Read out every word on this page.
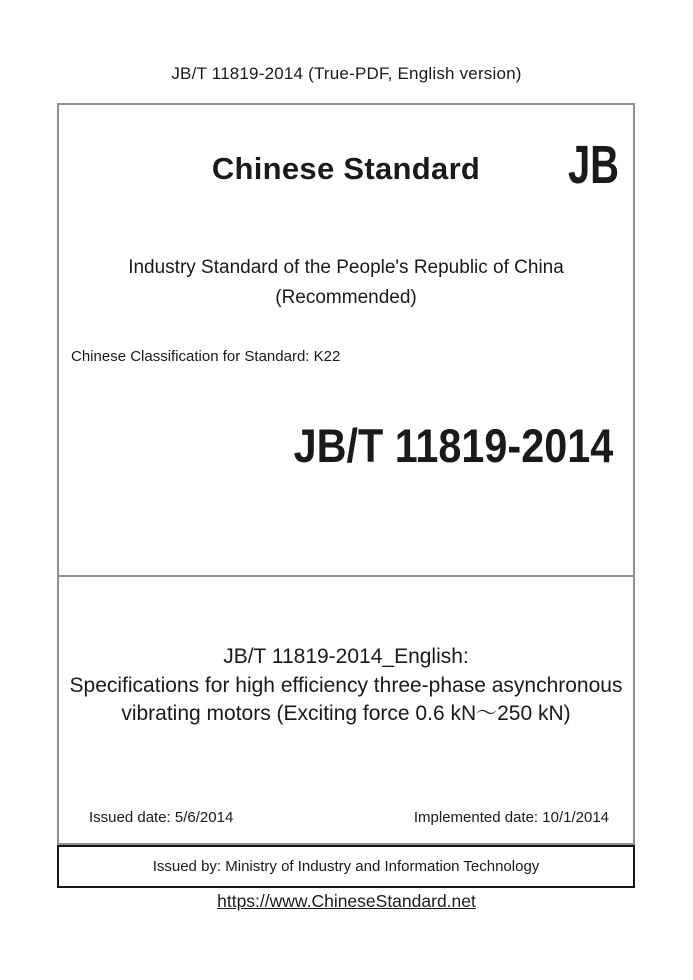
JB/T 11819-2014 (True-PDF, English version)
Chinese Standard	JB
Industry Standard of the People's Republic of China
(Recommended)
Chinese Classification for Standard: K22
JB/T 11819-2014
JB/T 11819-2014_English:
Specifications for high efficiency three-phase asynchronous
vibrating motors (Exciting force 0.6 kN～250 kN)
Issued date: 5/6/2014	Implemented date: 10/1/2014
Issued by: Ministry of Industry and Information Technology
https://www.ChineseStandard.net
